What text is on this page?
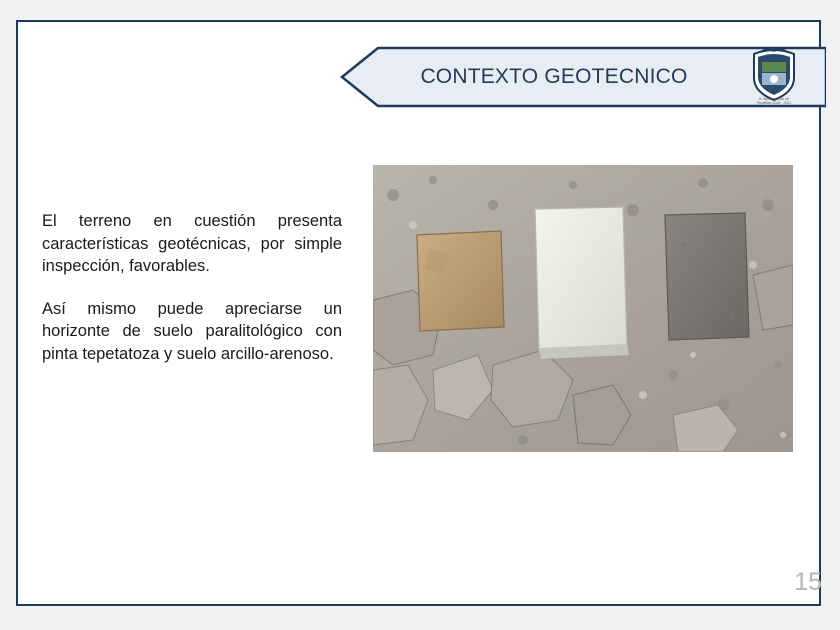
CONTEXTO GEOTECNICO
H. Ayuntamiento de
Tepatitlán 2018 - 2021

El terreno en cuestión presenta características geotécnicas, por simple inspección, favorables.

Así mismo puede apreciarse un horizonte de suelo paralitológico con pinta tepetatoza y suelo arcillo-arenoso.

15
